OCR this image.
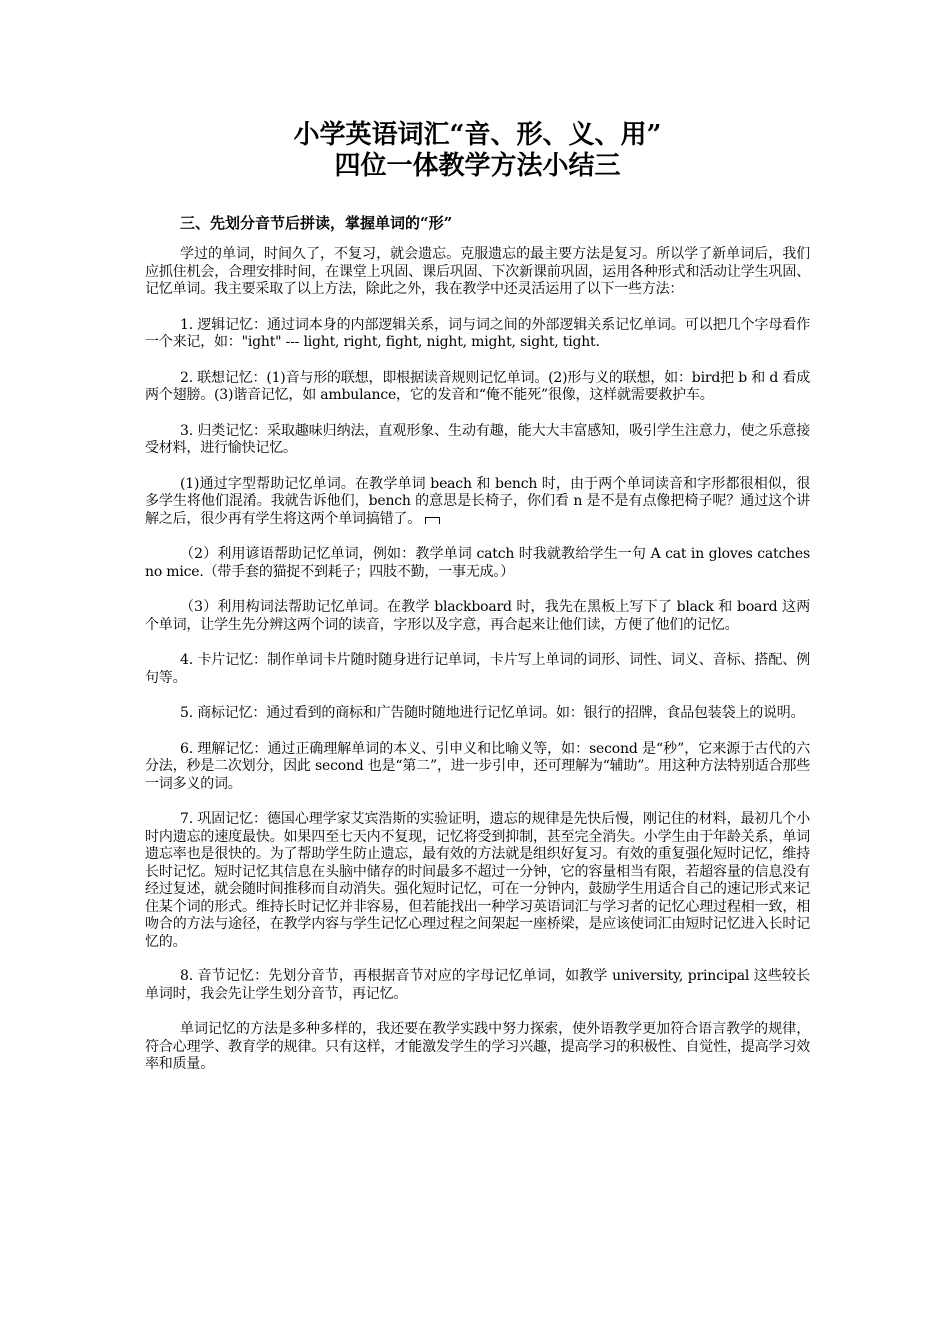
小学英语词汇“音、形、义、用”
四位一体教学方法小结三
三、先划分音节后拼读，掌握单词的“形”

学过的单词，时间久了，不复习，就会遗忘。克服遗忘的最主要方法是复习。所以学了新单词后，我们应抓住机会，合理安排时间，在课堂上巩固、课后巩固、下次新课前巩固，运用各种形式和活动让学生巩固、记忆单词。我主要采取了以上方法，除此之外，我在教学中还灵活运用了以下一些方法：

1. 逻辑记忆：通过词本身的内部逻辑关系，词与词之间的外部逻辑关系记忆单词。可以把几个字母看作一个来记，如："ight" --- light, right, fight, night, might, sight, tight.

2. 联想记忆：(1)音与形的联想，即根据读音规则记忆单词。(2)形与义的联想，如：bird把 b 和 d 看成两个翅膀。(3)谐音记忆，如 ambulance，它的发音和“俺不能死”很像，这样就需要救护车。

3. 归类记忆：采取趣味归纳法，直观形象、生动有趣，能大大丰富感知，吸引学生注意力，使之乐意接受材料，进行愉快记忆。

(1)通过字型帮助记忆单词。在教学单词 beach 和 bench 时，由于两个单词读音和字形都很相似，很多学生将他们混淆。我就告诉他们，bench 的意思是长椅子，你们看 n 是不是有点像把椅子呢？通过这个讲解之后，很少再有学生将这两个单词搞错了。

（2）利用谚语帮助记忆单词，例如：教学单词 catch 时我就教给学生一句 A cat in gloves catches no mice.（带手套的猫捉不到耗子；四肢不勤，一事无成。）

（3）利用构词法帮助记忆单词。在教学 blackboard 时，我先在黑板上写下了 black 和 board 这两个单词，让学生先分辨这两个词的读音，字形以及字意，再合起来让他们读，方便了他们的记忆。

4. 卡片记忆：制作单词卡片随时随身进行记单词，卡片写上单词的词形、词性、词义、音标、搭配、例句等。

5. 商标记忆：通过看到的商标和广告随时随地进行记忆单词。如：银行的招牌，食品包装袋上的说明。

6. 理解记忆：通过正确理解单词的本义、引申义和比喻义等，如：second 是“秒”，它来源于古代的六分法，秒是二次划分，因此 second 也是“第二”，进一步引申，还可理解为“辅助”。用这种方法特别适合那些一词多义的词。

7. 巩固记忆：德国心理学家艾宾浩斯的实验证明，遗忘的规律是先快后慢，刚记住的材料，最初几个小时内遗忘的速度最快。如果四至七天内不复现，记忆将受到抑制，甚至完全消失。小学生由于年龄关系，单词遗忘率也是很快的。为了帮助学生防止遗忘，最有效的方法就是组织好复习。有效的重复强化短时记忆，维持长时记忆。短时记忆其信息在头脑中储存的时间最多不超过一分钟，它的容量相当有限，若超容量的信息没有经过复述，就会随时间推移而自动消失。强化短时记忆，可在一分钟内，鼓励学生用适合自己的速记形式来记住某个词的形式。维持长时记忆并非容易，但若能找出一种学习英语词汇与学习者的记忆心理过程相一致，相吻合的方法与途径，在教学内容与学生记忆心理过程之间架起一座桥梁，是应该使词汇由短时记忆进入长时记忆的。

8. 音节记忆：先划分音节，再根据音节对应的字母记忆单词，如教学 university, principal 这些较长单词时，我会先让学生划分音节，再记忆。

单词记忆的方法是多种多样的，我还要在教学实践中努力探索，使外语教学更加符合语言教学的规律，符合心理学、教育学的规律。只有这样，才能激发学生的学习兴趣，提高学习的积极性、自觉性，提高学习效率和质量。
